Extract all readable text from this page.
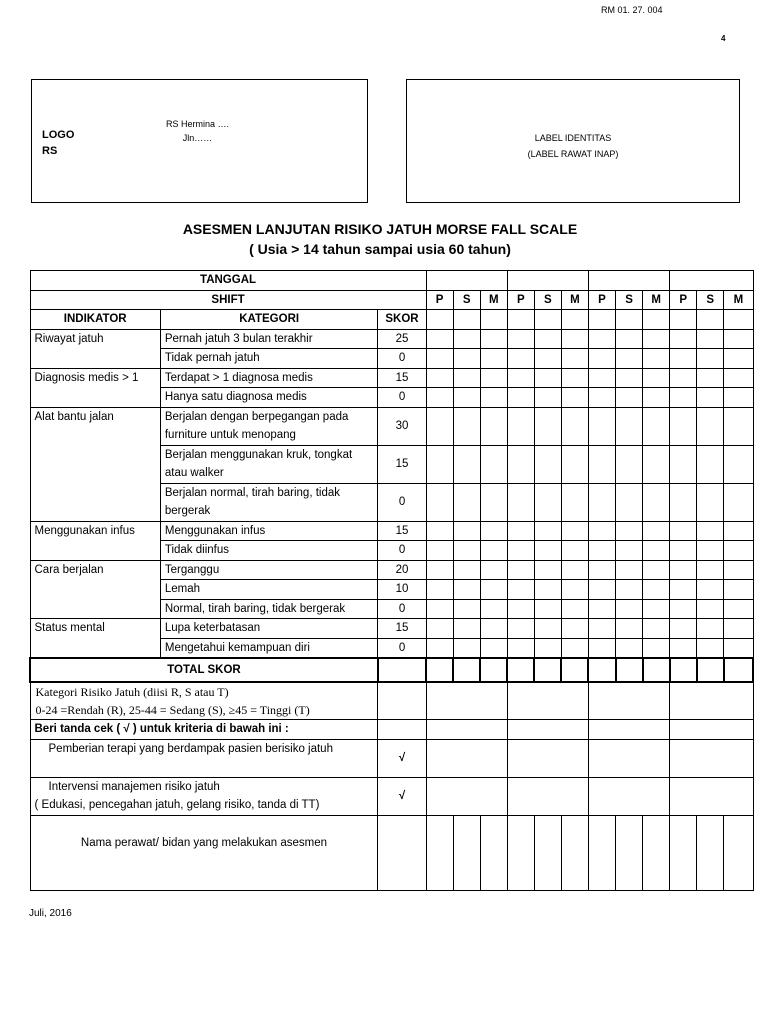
RM 01. 27. 004
4
LOGO
RS
RS Hermina ….
Jln……	LABEL IDENTITAS
(LABEL RAWAT INAP)
ASESMEN LANJUTAN RISIKO JATUH MORSE FALL SCALE
( Usia > 14 tahun sampai usia 60 tahun)
TANGGAL														
SHIFT			P	S	M	P	S	M	P	S	M	P	S	M
INDIKATOR	KATEGORI	SKOR												
Riwayat jatuh	Pernah jatuh 3 bulan terakhir	25												
	Tidak pernah jatuh	0												
Diagnosis medis > 1	Terdapat > 1 diagnosa medis	15												
	Hanya satu diagnosa medis	0												
Alat bantu jalan	Berjalan dengan berpegangan pada furniture untuk menopang	30												
	Berjalan menggunakan kruk, tongkat atau walker	15												
	Berjalan normal, tirah baring, tidak bergerak	0												
Menggunakan infus	Menggunakan infus	15												
	Tidak diinfus	0												
Cara berjalan	Terganggu	20												
	Lemah	10												
	Normal, tirah baring, tidak bergerak	0												
Status mental	Lupa keterbatasan	15												
	Mengetahui kemampuan diri	0												
TOTAL SKOR														

Kategori Risiko Jatuh (diisi R, S atau T)
0-24 =Rendah (R), 25-44 = Sedang (S), ≥45 = Tinggi (T)														

Beri tanda cek ( √ ) untuk kriteria di bawah ini :														
Pemberian terapi yang berdampak pasien berisiko jatuh		√												

Intervensi manajemen risiko jatuh
( Edukasi, pencegahan jatuh, gelang risiko, tanda di TT)		√												

Nama perawat/ bidan yang melakukan asesmen														

Juli, 2016
